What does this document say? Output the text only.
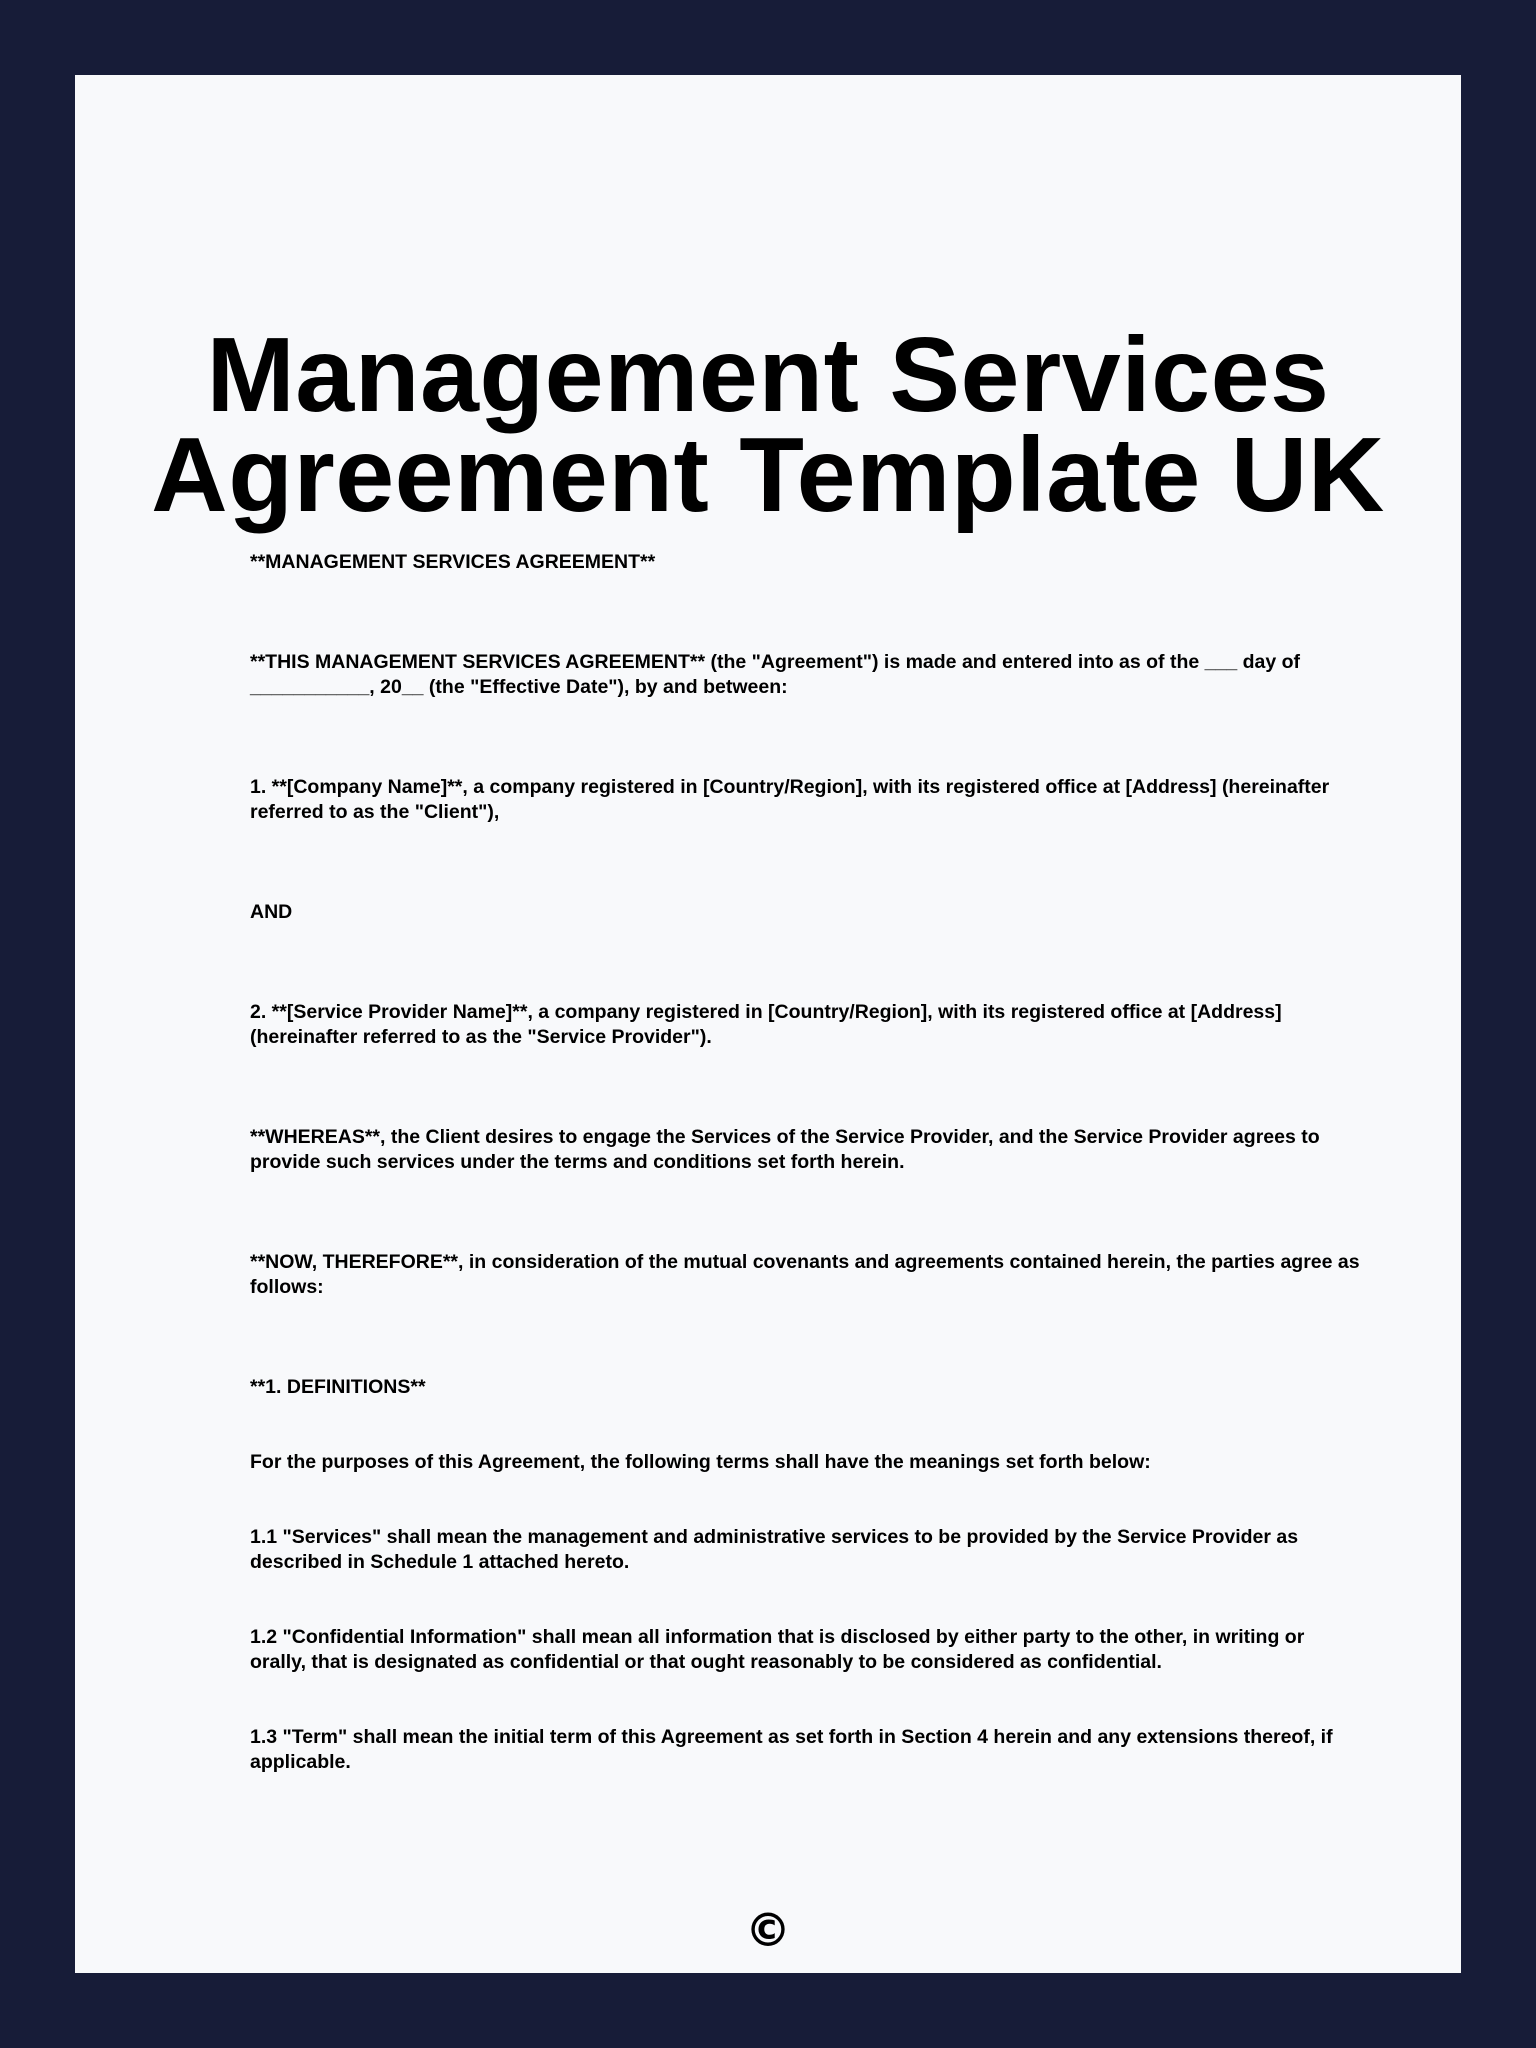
Management Services
Agreement Template UK

**MANAGEMENT SERVICES AGREEMENT**

**THIS MANAGEMENT SERVICES AGREEMENT** (the "Agreement") is made and entered into as of the ___ day of ___________, 20__ (the "Effective Date"), by and between:

1. **[Company Name]**, a company registered in [Country/Region], with its registered office at [Address] (hereinafter referred to as the "Client"),

AND

2. **[Service Provider Name]**, a company registered in [Country/Region], with its registered office at [Address] (hereinafter referred to as the "Service Provider").

**WHEREAS**, the Client desires to engage the Services of the Service Provider, and the Service Provider agrees to provide such services under the terms and conditions set forth herein.

**NOW, THEREFORE**, in consideration of the mutual covenants and agreements contained herein, the parties agree as follows:

**1. DEFINITIONS**

For the purposes of this Agreement, the following terms shall have the meanings set forth below:

1.1 "Services" shall mean the management and administrative services to be provided by the Service Provider as described in Schedule 1 attached hereto.

1.2 "Confidential Information" shall mean all information that is disclosed by either party to the other, in writing or orally, that is designated as confidential or that ought reasonably to be considered as confidential.

1.3 "Term" shall mean the initial term of this Agreement as set forth in Section 4 herein and any extensions thereof, if applicable.

©
